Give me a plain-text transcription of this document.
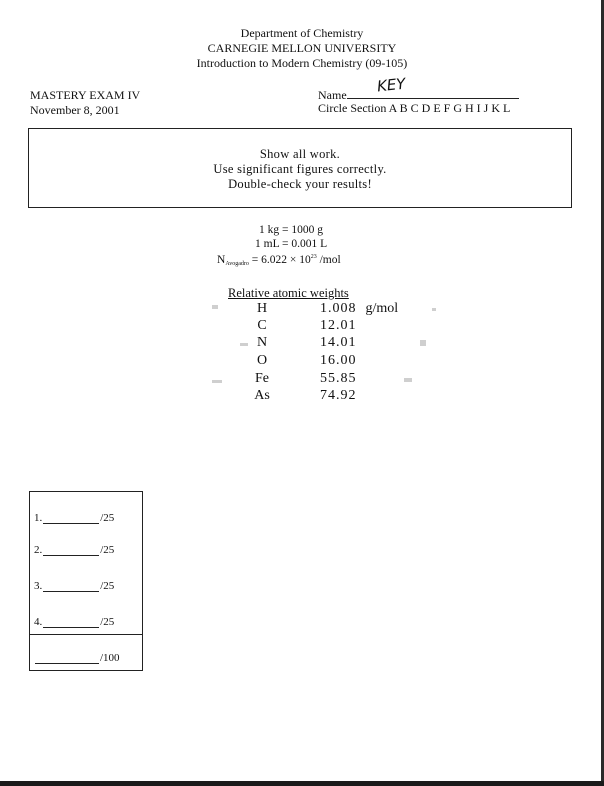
Department of Chemistry
CARNEGIE MELLON UNIVERSITY
Introduction to Modern Chemistry (09-105)
MASTERY EXAM IV
November 8, 2001
Name KEY
Circle Section A B C D E F G H I J K L
Show all work.
Use significant figures correctly.
Double-check your results!
1 kg = 1000 g
1 mL = 0.001 L
$N_{Avogadro} = 6.022 \times 10^{23}$ /mol
Relative atomic weights
H	1.008 g/mol
C	12.01
N	14.01
O	16.00
Fe	55.85
As	74.92
1.	/25
2.	/25
3.	/25
4.	/25
/100
